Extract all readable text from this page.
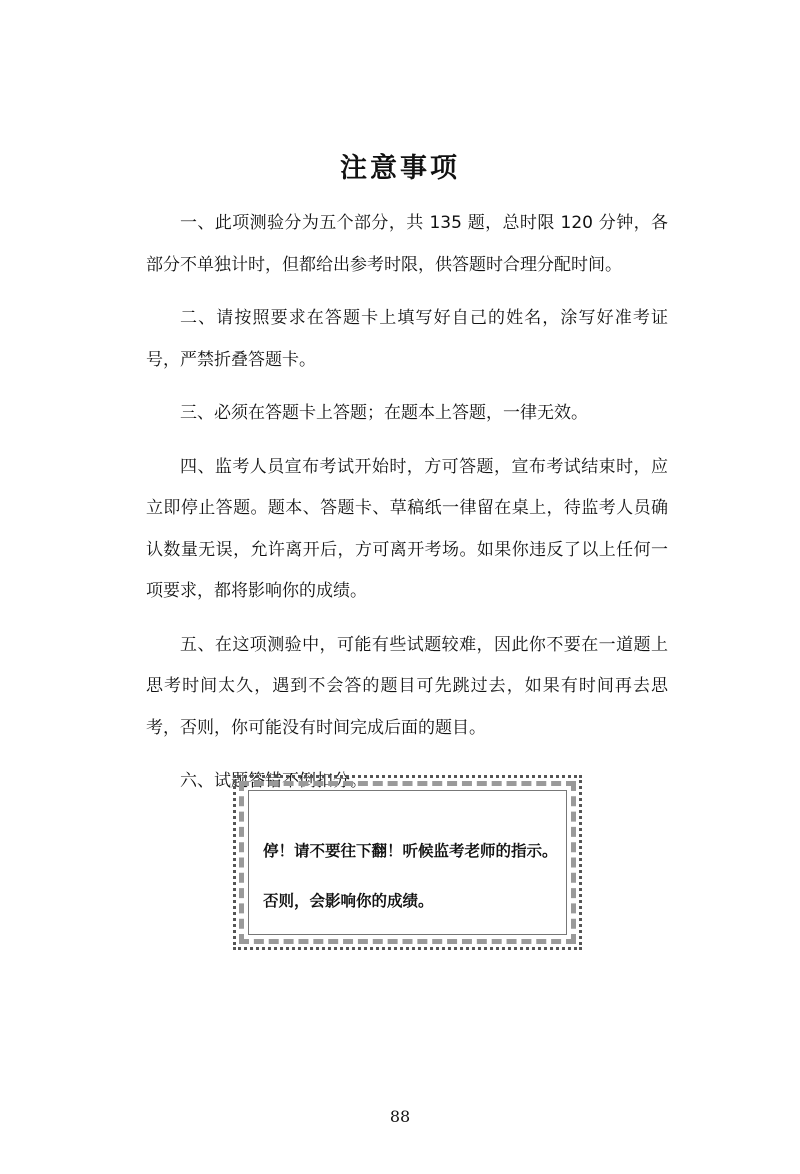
注意事项

一、此项测验分为五个部分，共 135 题，总时限 120 分钟，各部分不单独计时，但都给出参考时限，供答题时合理分配时间。

二、请按照要求在答题卡上填写好自己的姓名，涂写好准考证号，严禁折叠答题卡。

三、必须在答题卡上答题；在题本上答题，一律无效。

四、监考人员宣布考试开始时，方可答题，宣布考试结束时，应立即停止答题。题本、答题卡、草稿纸一律留在桌上，待监考人员确认数量无误，允许离开后，方可离开考场。如果你违反了以上任何一项要求，都将影响你的成绩。

五、在这项测验中，可能有些试题较难，因此你不要在一道题上思考时间太久，遇到不会答的题目可先跳过去，如果有时间再去思考，否则，你可能没有时间完成后面的题目。

六、试题答错不倒扣分。

停！请不要往下翻！听候监考老师的指示。

否则，会影响你的成绩。

88
